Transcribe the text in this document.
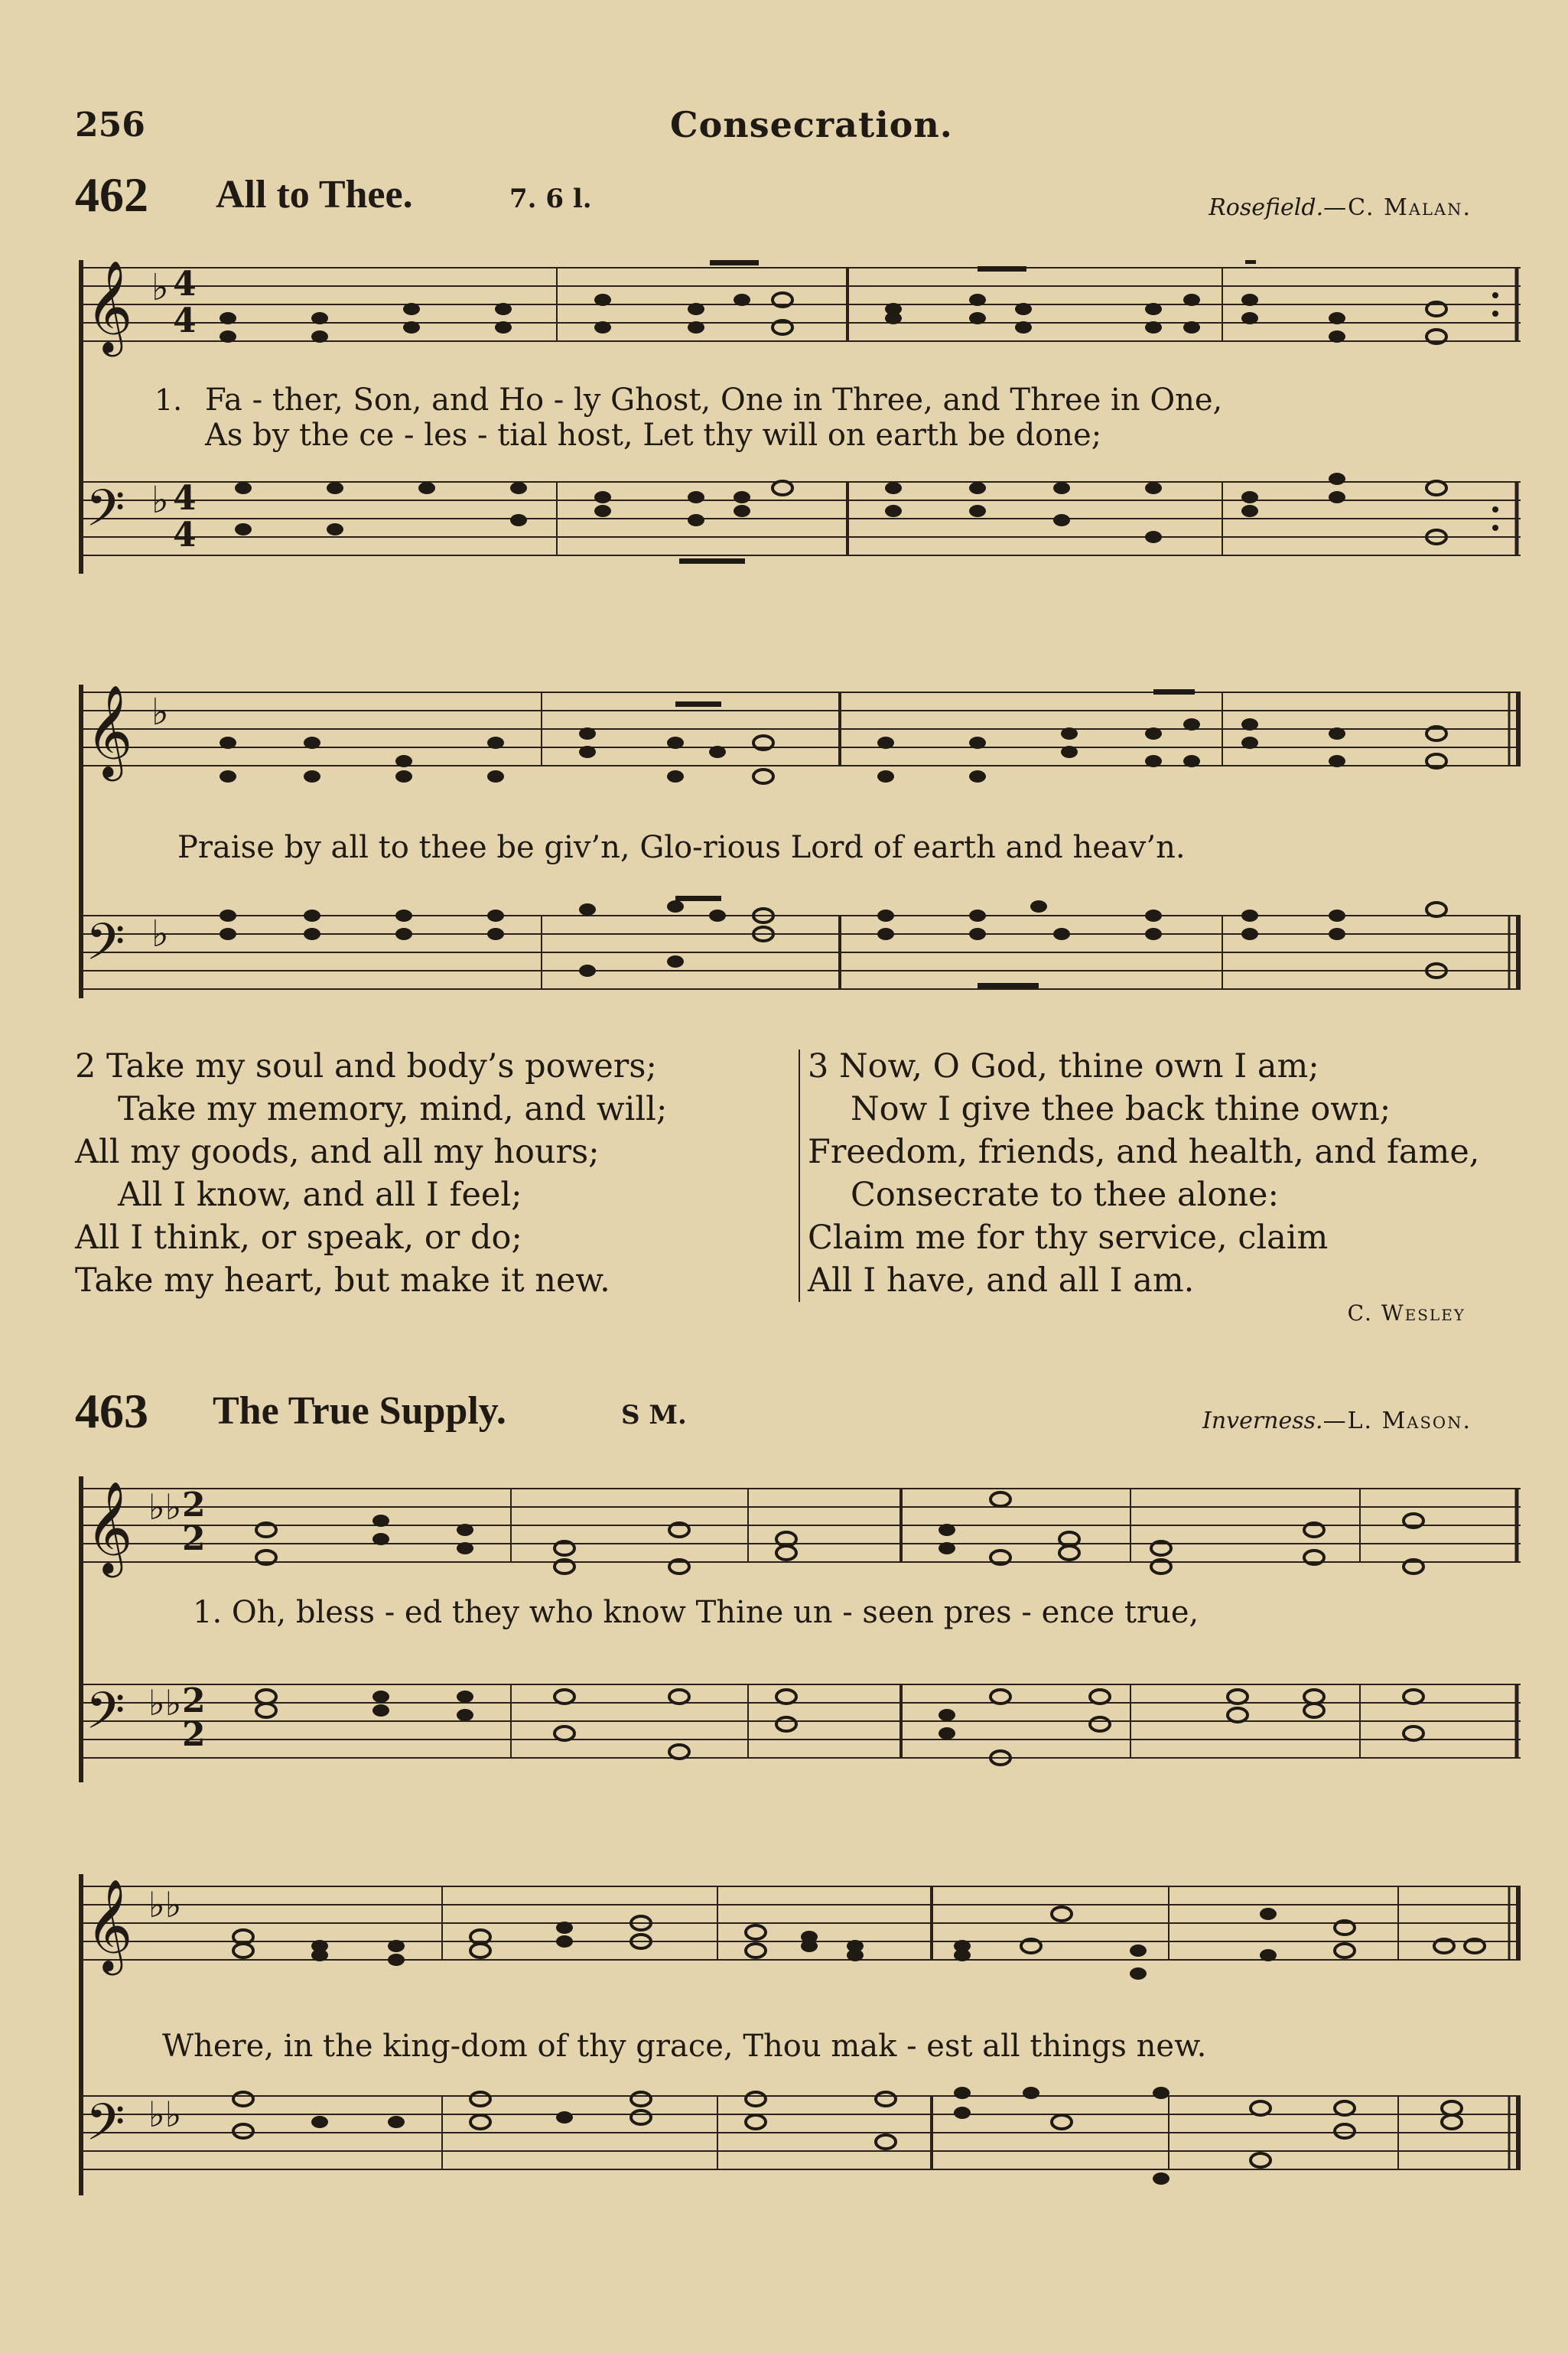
256	Consecration.
462 All to Thee.	7. 6 l.	Rosefield.—C. Malan.
𝄞
𝄢
♭
♭
4
4
4
4
1. Fa - ther, Son, and Ho - ly Ghost, One in Three, and Three in One,
As by the ce - les - tial host, Let thy will on earth be done;
𝄞
𝄢
♭
♭
Praise by all to thee be giv’n, Glo-rious Lord of earth and heav’n.
2 Take my soul and body’s powers;
Take my memory, mind, and will;
All my goods, and all my hours;
All I know, and all I feel;
All I think, or speak, or do;
Take my heart, but make it new.
3 Now, O God, thine own I am;
Now I give thee back thine own;
Freedom, friends, and health, and fame,
Consecrate to thee alone:
Claim me for thy service, claim
All I have, and all I am.
C. Wesley
463 The True Supply.	S M.	Inverness.—L. Mason.
𝄞
𝄢
♭♭
♭♭
2
2
2
2
1. Oh, bless - ed they who know Thine un - seen pres - ence true,
𝄞
𝄢
♭♭
♭♭
Where, in the king-dom of thy grace, Thou mak - est all things new.
